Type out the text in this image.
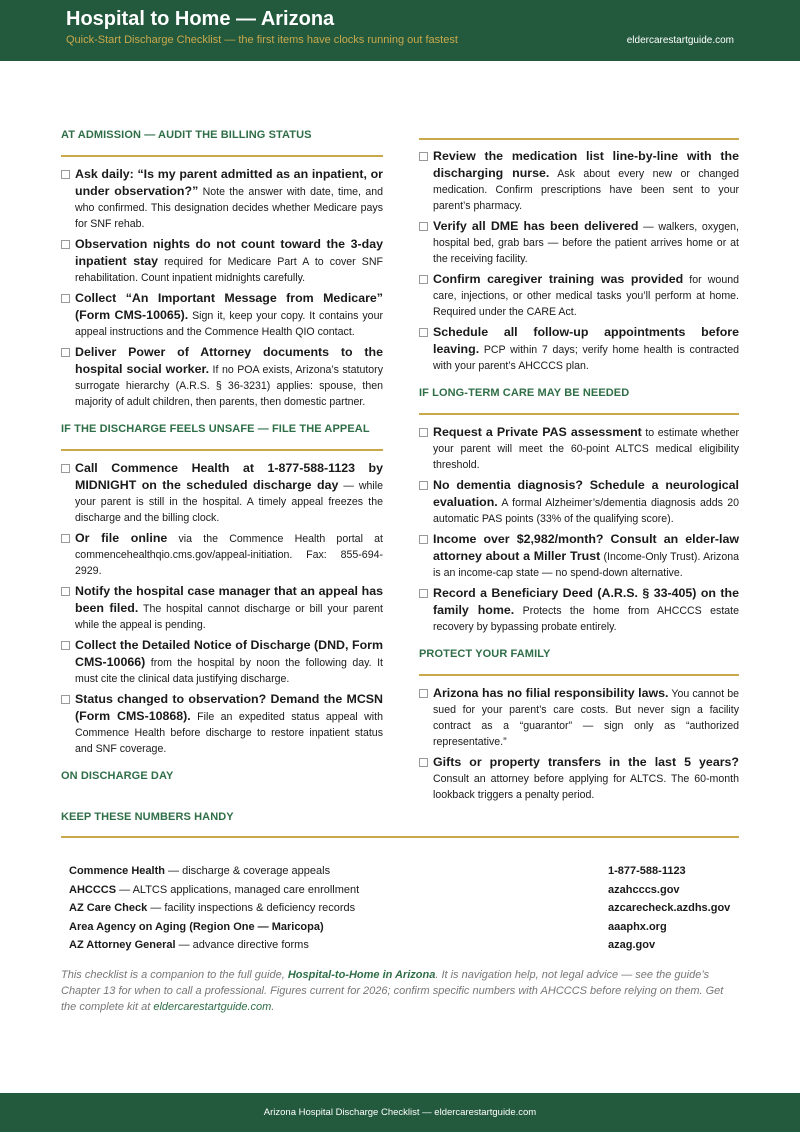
Hospital to Home — Arizona
Quick-Start Discharge Checklist — the first items have clocks running out fastest	eldercarestartguide.com
AT ADMISSION — AUDIT THE BILLING STATUS
Ask daily: “Is my parent admitted as an inpatient, or under observation?” Note the answer with date, time, and who confirmed. This designation decides whether Medicare pays for SNF rehab.
Observation nights do not count toward the 3-day inpatient stay required for Medicare Part A to cover SNF rehabilitation. Count inpatient midnights carefully.
Collect “An Important Message from Medicare” (Form CMS-10065). Sign it, keep your copy. It contains your appeal instructions and the Commence Health QIO contact.
Deliver Power of Attorney documents to the hospital social worker. If no POA exists, Arizona’s statutory surrogate hierarchy (A.R.S. § 36-3231) applies: spouse, then majority of adult children, then parents, then domestic partner.
IF THE DISCHARGE FEELS UNSAFE — FILE THE APPEAL
Call Commence Health at 1-877-588-1123 by MIDNIGHT on the scheduled discharge day — while your parent is still in the hospital. A timely appeal freezes the discharge and the billing clock.
Or file online via the Commence Health portal at commencehealthqio.cms.gov/appeal-initiation. Fax: 855-694-2929.
Notify the hospital case manager that an appeal has been filed. The hospital cannot discharge or bill your parent while the appeal is pending.
Collect the Detailed Notice of Discharge (DND, Form CMS-10066) from the hospital by noon the following day. It must cite the clinical data justifying discharge.
Status changed to observation? Demand the MCSN (Form CMS-10868). File an expedited status appeal with Commence Health before discharge to restore inpatient status and SNF coverage.
ON DISCHARGE DAY
Review the medication list line-by-line with the discharging nurse. Ask about every new or changed medication. Confirm prescriptions have been sent to your parent’s pharmacy.
Verify all DME has been delivered — walkers, oxygen, hospital bed, grab bars — before the patient arrives home or at the receiving facility.
Confirm caregiver training was provided for wound care, injections, or other medical tasks you’ll perform at home. Required under the CARE Act.
Schedule all follow-up appointments before leaving. PCP within 7 days; verify home health is contracted with your parent’s AHCCCS plan.
IF LONG-TERM CARE MAY BE NEEDED
Request a Private PAS assessment to estimate whether your parent will meet the 60-point ALTCS medical eligibility threshold.
No dementia diagnosis? Schedule a neurological evaluation. A formal Alzheimer’s/dementia diagnosis adds 20 automatic PAS points (33% of the qualifying score).
Income over $2,982/month? Consult an elder-law attorney about a Miller Trust (Income-Only Trust). Arizona is an income-cap state — no spend-down alternative.
Record a Beneficiary Deed (A.R.S. § 33-405) on the family home. Protects the home from AHCCCS estate recovery by bypassing probate entirely.
PROTECT YOUR FAMILY
Arizona has no filial responsibility laws. You cannot be sued for your parent’s care costs. But never sign a facility contract as a “guarantor” — sign only as “authorized representative.”
Gifts or property transfers in the last 5 years? Consult an attorney before applying for ALTCS. The 60-month lookback triggers a penalty period.
KEEP THESE NUMBERS HANDY
Commence Health — discharge & coverage appeals	1-877-588-1123
AHCCCS — ALTCS applications, managed care enrollment	azahcccs.gov
AZ Care Check — facility inspections & deficiency records	azcarecheck.azdhs.gov
Area Agency on Aging (Region One — Maricopa)	aaaphx.org
AZ Attorney General — advance directive forms	azag.gov
This checklist is a companion to the full guide, Hospital-to-Home in Arizona. It is navigation help, not legal advice — see the guide’s Chapter 13 for when to call a professional. Figures current for 2026; confirm specific numbers with AHCCCS before relying on them. Get the complete kit at eldercarestartguide.com.
Arizona Hospital Discharge Checklist — eldercarestartguide.com
